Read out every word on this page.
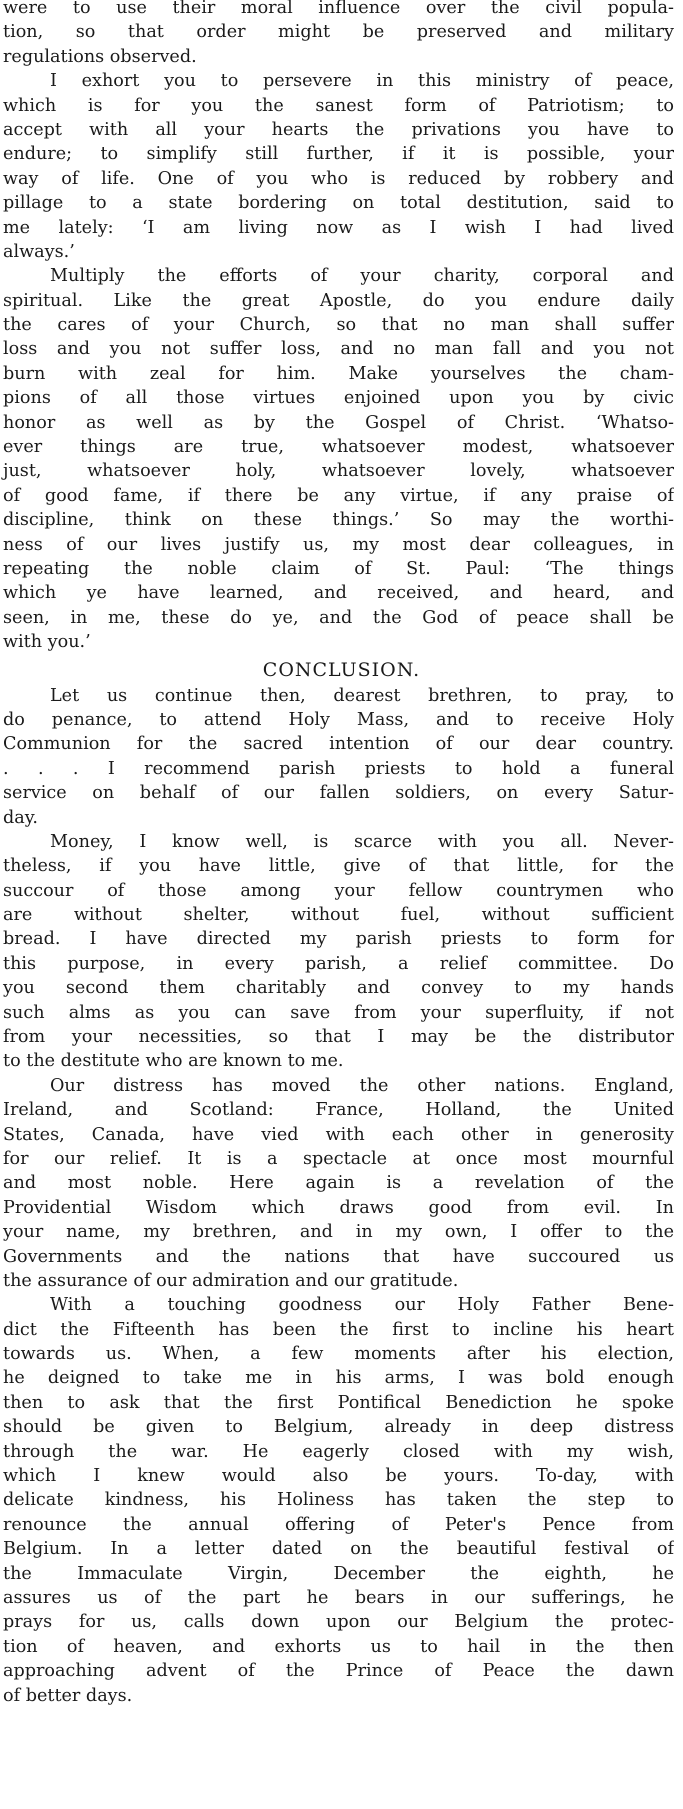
were to use their moral influence over the civil popula-
tion, so that order might be preserved and military
regulations observed.
I exhort you to persevere in this ministry of peace,
which is for you the sanest form of Patriotism; to
accept with all your hearts the privations you have to
endure; to simplify still further, if it is possible, your
way of life. One of you who is reduced by robbery and
pillage to a state bordering on total destitution, said to
me lately: ‘I am living now as I wish I had lived
always.’
Multiply the efforts of your charity, corporal and
spiritual. Like the great Apostle, do you endure daily
the cares of your Church, so that no man shall suffer
loss and you not suffer loss, and no man fall and you not
burn with zeal for him. Make yourselves the cham-
pions of all those virtues enjoined upon you by civic
honor as well as by the Gospel of Christ. ‘Whatso-
ever things are true, whatsoever modest, whatsoever
just, whatsoever holy, whatsoever lovely, whatsoever
of good fame, if there be any virtue, if any praise of
discipline, think on these things.’ So may the worthi-
ness of our lives justify us, my most dear colleagues, in
repeating the noble claim of St. Paul: ‘The things
which ye have learned, and received, and heard, and
seen, in me, these do ye, and the God of peace shall be
with you.’
CONCLUSION.
Let us continue then, dearest brethren, to pray, to
do penance, to attend Holy Mass, and to receive Holy
Communion for the sacred intention of our dear country.
. . . I recommend parish priests to hold a funeral
service on behalf of our fallen soldiers, on every Satur-
day.
Money, I know well, is scarce with you all. Never-
theless, if you have little, give of that little, for the
succour of those among your fellow countrymen who
are without shelter, without fuel, without sufficient
bread. I have directed my parish priests to form for
this purpose, in every parish, a relief committee. Do
you second them charitably and convey to my hands
such alms as you can save from your superfluity, if not
from your necessities, so that I may be the distributor
to the destitute who are known to me.
Our distress has moved the other nations. England,
Ireland, and Scotland: France, Holland, the United
States, Canada, have vied with each other in generosity
for our relief. It is a spectacle at once most mournful
and most noble. Here again is a revelation of the
Providential Wisdom which draws good from evil. In
your name, my brethren, and in my own, I offer to the
Governments and the nations that have succoured us
the assurance of our admiration and our gratitude.
With a touching goodness our Holy Father Bene-
dict the Fifteenth has been the first to incline his heart
towards us. When, a few moments after his election,
he deigned to take me in his arms, I was bold enough
then to ask that the first Pontifical Benediction he spoke
should be given to Belgium, already in deep distress
through the war. He eagerly closed with my wish,
which I knew would also be yours. To-day, with
delicate kindness, his Holiness has taken the step to
renounce the annual offering of Peter's Pence from
Belgium. In a letter dated on the beautiful festival of
the Immaculate Virgin, December the eighth, he
assures us of the part he bears in our sufferings, he
prays for us, calls down upon our Belgium the protec-
tion of heaven, and exhorts us to hail in the then
approaching advent of the Prince of Peace the dawn
of better days.
